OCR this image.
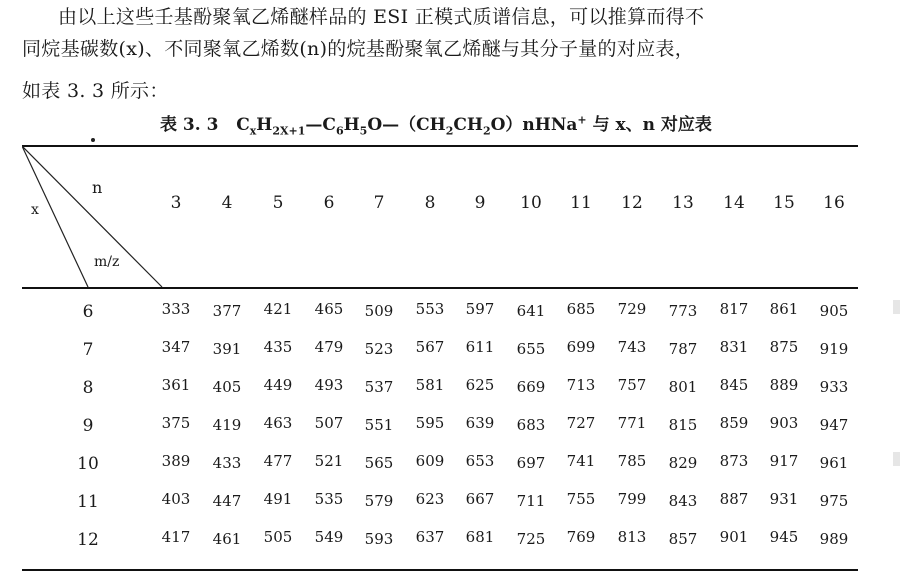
由以上这些壬基酚聚氧乙烯醚样品的 ESI 正模式质谱信息，可以推算而得不
同烷基碳数(x)、不同聚氧乙烯数(n)的烷基酚聚氧乙烯醚与其分子量的对应表，
如表 3. 3 所示：
表 3. 3 $C_xH_{2X+1}—C_6H_5O—(CH_2CH_2O)nHNa^+$ 与 x、n 对应表
n
x
m/z
3	4	5	6	7	8	9	10	11	12	13	14	15	16
6	333	377	421	465	509	553	597	641	685	729	773	817	861	905
7	347	391	435	479	523	567	611	655	699	743	787	831	875	919
8	361	405	449	493	537	581	625	669	713	757	801	845	889	933
9	375	419	463	507	551	595	639	683	727	771	815	859	903	947
10	389	433	477	521	565	609	653	697	741	785	829	873	917	961
11	403	447	491	535	579	623	667	711	755	799	843	887	931	975
12	417	461	505	549	593	637	681	725	769	813	857	901	945	989
